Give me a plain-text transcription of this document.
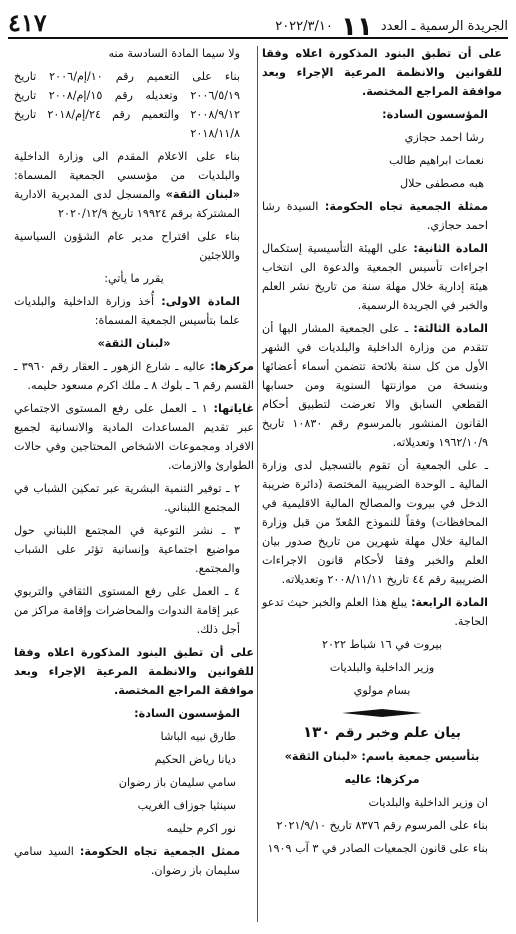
٤١٧	الجريدة الرسمية ـ العدد ١١ ٢٠٢٢/٣/١٠

على أن تطبق البنود المذكورة اعلاه وفقا للقوانين والانظمة المرعية الإجراء وبعد موافقة المراجع المختصة.

المؤسسون السادة:

رشا احمد حجازي

نعمات ابراهيم طالب

هبه مصطفى حلال

ممثلة الجمعية تجاه الحكومة: السيدة رشا احمد حجازي.

المادة الثانية: على الهيئة التأسيسية إستكمال اجراءات تأسيس الجمعية والدعوة الى انتخاب هيئة إدارية خلال مهلة سنة من تاريخ نشر العلم والخبر في الجريدة الرسمية.

المادة الثالثة: ـ على الجمعية المشار اليها أن تتقدم من وزارة الداخلية والبلديات في الشهر الأول من كل سنة بلائحة تتضمن أسماء أعضائها وبنسخة من موازنتها السنوية ومن حسابها القطعي السابق والا تعرضت لتطبيق أحكام القانون المنشور بالمرسوم رقم ١٠٨٣٠ تاريخ ١٩٦٢/١٠/٩ وتعديلاته.

ـ على الجمعية أن تقوم بالتسجيل لدى وزارة المالية ـ الوحدة الضريبية المختصة (دائرة ضريبة الدخل في بيروت والمصالح المالية الاقليمية في المحافظات) وفقاً للنموذج المُعدّ من قبل وزارة المالية خلال مهلة شهرين من تاريخ صدور بيان العلم والخبر وفقا لأحكام قانون الاجراءات الضريبية رقم ٤٤ تاريخ ٢٠٠٨/١١/١١ وتعديلاته.

المادة الرابعة: يبلغ هذا العلم والخبر حيث تدعو الحاجة.

بيروت في ١٦ شباط ٢٠٢٢

وزير الداخلية والبلديات

بسام مولوي

بيان علم وخبر رقم ١٣٠

بتأسيس جمعية باسم: «لبنان الثقة»

مركزها: عاليه

ان وزير الداخلية والبلديات

بناء على المرسوم رقم ٨٣٧٦ تاريخ ٢٠٢١/٩/١٠

بناء على قانون الجمعيات الصادر في ٣ آب ١٩٠٩

ولا سيما المادة السادسة منه

بناء على التعميم رقم ١٠/إم/٢٠٠٦ تاريخ ٢٠٠٦/٥/١٩ وتعديله رقم ١٥/إم/٢٠٠٨ تاريخ ٢٠٠٨/٩/١٢ والتعميم رقم ٢٤/إم/٢٠١٨ تاريخ ٢٠١٨/١١/٨

بناء على الاعلام المقدم الى وزارة الداخلية والبلديات من مؤسسي الجمعية المسماة: «لبنان الثقة» والمسجل لدى المديرية الادارية المشتركة برقم ١٩٩٢٤ تاريخ ٢٠٢٠/١٢/٩

بناء على اقتراح مدير عام الشؤون السياسية واللاجئين

يقرر ما يأتي:

المادة الاولى: أُخذ وزارة الداخلية والبلديات علما بتأسيس الجمعية المسماة:

«لبنان الثقة»

مركزها: عاليه ـ شارع الزهور ـ العقار رقم ٣٩٦٠ ـ القسم رقم ٦ ـ بلوك ٨ ـ ملك اكرم مسعود حليمه.

غاياتها: ١ ـ العمل على رفع المستوى الاجتماعي عبر تقديم المساعدات المادية والانسانية لجميع الافراد ومجموعات الاشخاص المحتاجين وفي حالات الطوارئ والازمات.

٢ ـ توفير التنمية البشرية عبر تمكين الشباب في المجتمع اللبناني.

٣ ـ نشر التوعية في المجتمع اللبناني حول مواضيع اجتماعية وإنسانية تؤثر على الشباب والمجتمع.

٤ ـ العمل على رفع المستوى الثقافي والتربوي عبر إقامة الندوات والمحاضرات وإقامة مراكز من أجل ذلك.

على أن تطبق البنود المذكورة اعلاه وفقا للقوانين والانظمة المرعية الإجراء وبعد موافقة المراجع المختصة.

المؤسسون السادة:

طارق نبيه الباشا

ديانا رياض الحكيم

سامي سليمان باز رضوان

سينثيا جوزاف الغريب

نور اكرم حليمه

ممثل الجمعية تجاه الحكومة: السيد سامي سليمان باز رضوان.
